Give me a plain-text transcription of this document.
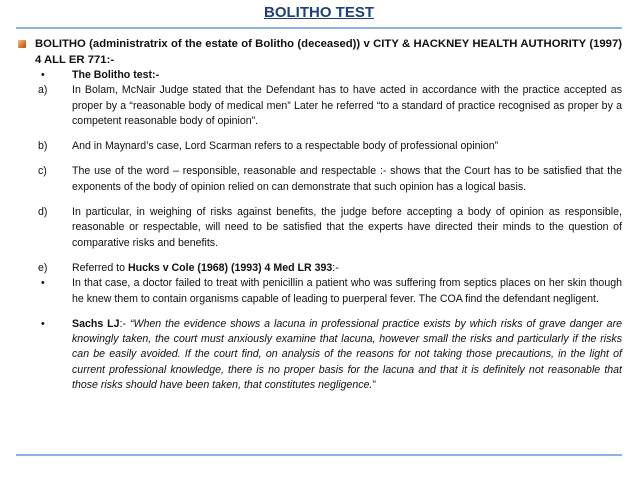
BOLITHO TEST
BOLITHO (administratrix of the estate of Bolitho (deceased)) v CITY & HACKNEY HEALTH AUTHORITY (1997) 4 ALL ER 771:-
•	The Bolitho test:-
a) In Bolam, McNair Judge stated that the Defendant has to have acted in accordance with the practice accepted as proper by a “reasonable body of medical men” Later he referred “to a standard of practice recognised as proper by a competent reasonable body of opinion”.
b) And in Maynard’s case, Lord Scarman refers to a respectable body of professional opinion”
c) The use of the word – responsible, reasonable and respectable :- shows that the Court has to be satisfied that the exponents of the body of opinion relied on can demonstrate that such opinion has a logical basis.
d) In particular, in weighing of risks against benefits, the judge before accepting a body of opinion as responsible, reasonable or respectable, will need to be satisfied that the experts have directed their minds to the question of comparative risks and benefits.
e) Referred to Hucks v Cole (1968) (1993) 4 Med LR 393:-
•	In that case, a doctor failed to treat with penicillin a patient who was suffering from septics places on her skin though he knew them to contain organisms capable of leading to puerperal fever. The COA find the defendant negligent.
•	Sachs LJ:- “When the evidence shows a lacuna in professional practice exists by which risks of grave danger are knowingly taken, the court must anxiously examine that lacuna, however small the risks and particularly if the risks can be easily avoided. If the court find, on analysis of the reasons for not taking those precautions, in the light of current professional knowledge, there is no proper basis for the lacuna and that it is definitely not reasonable that those risks should have been taken, that constitutes negligence.”
